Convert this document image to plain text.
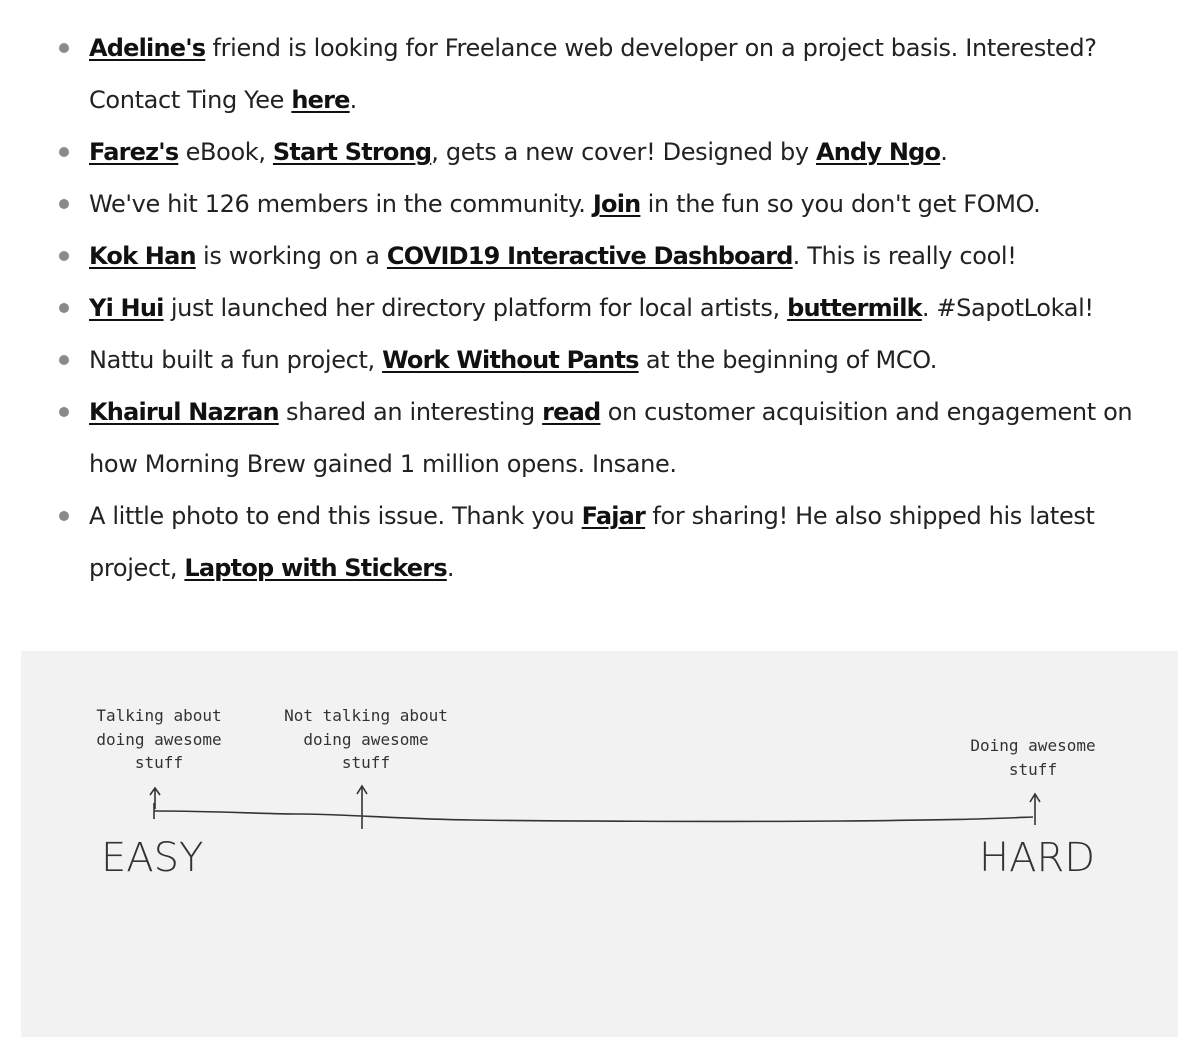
Adeline's friend is looking for Freelance web developer on a project basis. Interested?
Contact Ting Yee here.
Farez's eBook, Start Strong, gets a new cover! Designed by Andy Ngo.
We've hit 126 members in the community. Join in the fun so you don't get FOMO.
Kok Han is working on a COVID19 Interactive Dashboard. This is really cool!
Yi Hui just launched her directory platform for local artists, buttermilk. #SapotLokal!
Nattu built a fun project, Work Without Pants at the beginning of MCO.
Khairul Nazran shared an interesting read on customer acquisition and engagement on
how Morning Brew gained 1 million opens. Insane.
A little photo to end this issue. Thank you Fajar for sharing! He also shipped his latest
project, Laptop with Stickers.
Talking about
doing awesome
stuff
Not talking about
doing awesome
stuff
Doing awesome
stuff
EASY	HARD
